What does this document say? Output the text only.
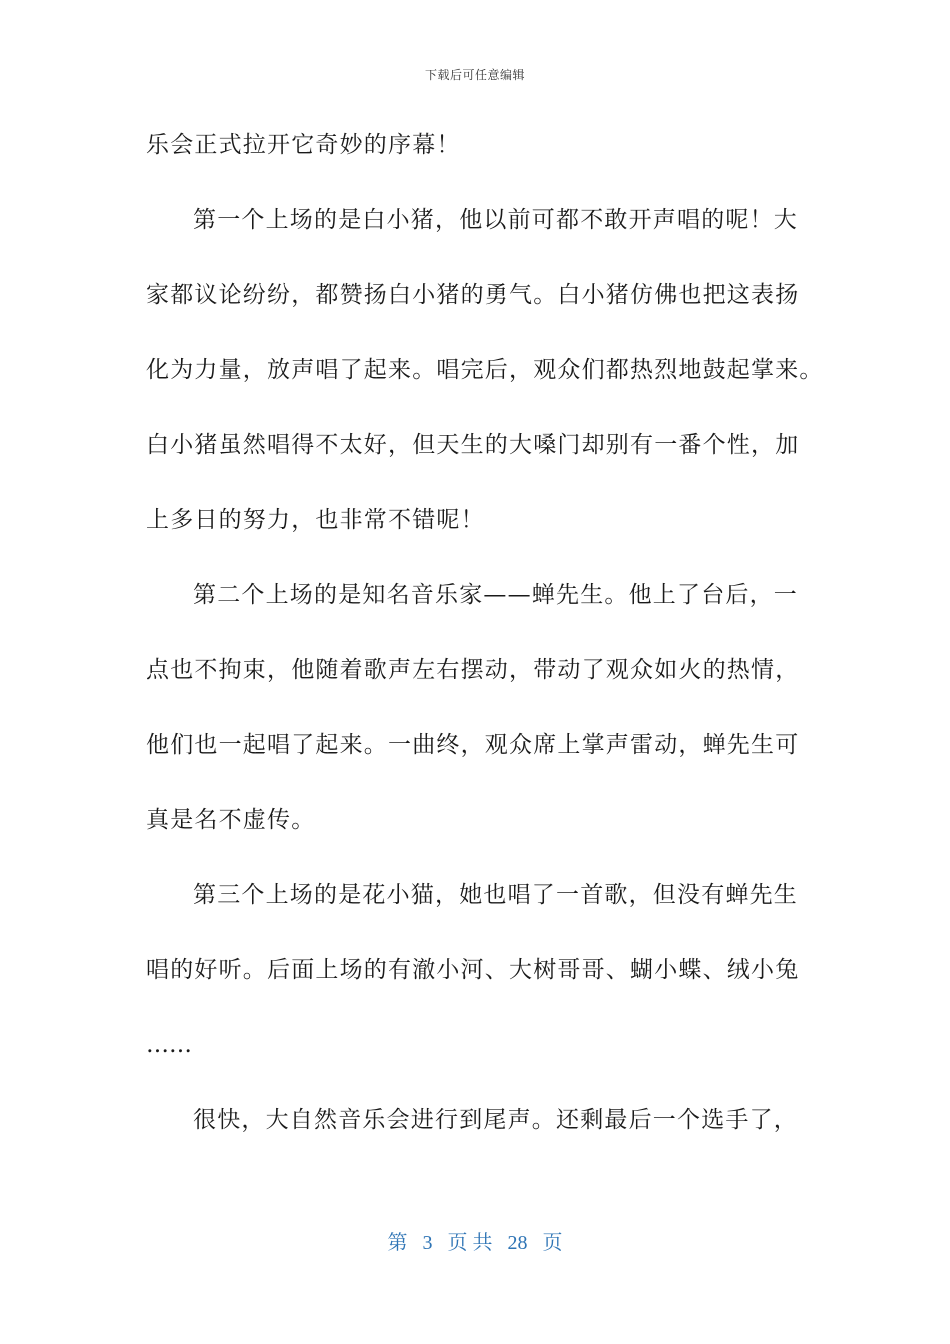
下载后可任意编辑
乐会正式拉开它奇妙的序幕！
第一个上场的是白小猪，他以前可都不敢开声唱的呢！大
家都议论纷纷，都赞扬白小猪的勇气。白小猪仿佛也把这表扬
化为力量，放声唱了起来。唱完后，观众们都热烈地鼓起掌来。
白小猪虽然唱得不太好，但天生的大嗓门却别有一番个性，加
上多日的努力，也非常不错呢！
第二个上场的是知名音乐家——蝉先生。他上了台后，一
点也不拘束，他随着歌声左右摆动，带动了观众如火的热情，
他们也一起唱了起来。一曲终，观众席上掌声雷动，蝉先生可
真是名不虚传。
第三个上场的是花小猫，她也唱了一首歌，但没有蝉先生
唱的好听。后面上场的有澈小河、大树哥哥、蝴小蝶、绒小兔
……
很快，大自然音乐会进行到尾声。还剩最后一个选手了，
第 3 页 共 28 页
